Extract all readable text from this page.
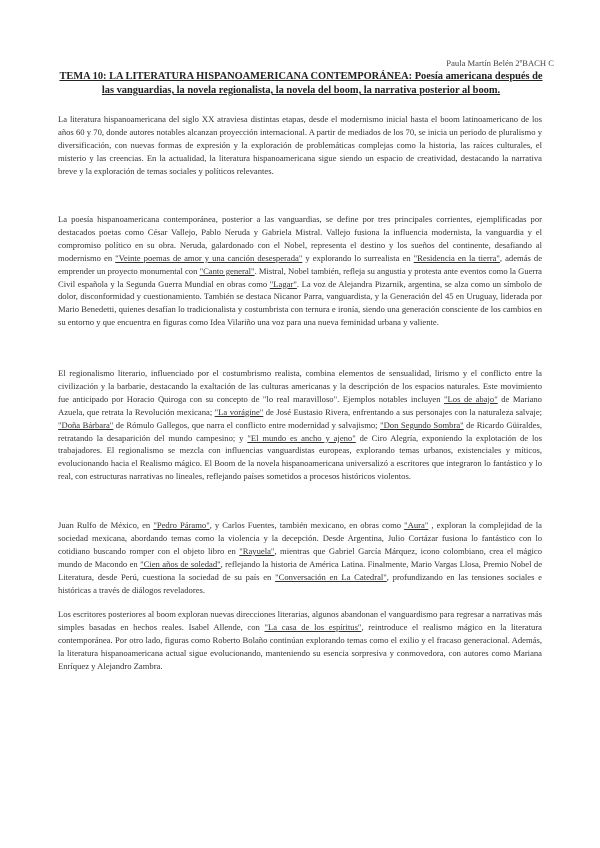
Paula Martín Belén 2ºBACH C
TEMA 10: LA LITERATURA HISPANOAMERICANA CONTEMPORÁNEA: Poesía americana después de las vanguardias, la novela regionalista, la novela del boom, la narrativa posterior al boom.

La literatura hispanoamericana del siglo XX atraviesa distintas etapas, desde el modernismo inicial hasta el boom latinoamericano de los años 60 y 70, donde autores notables alcanzan proyección internacional. A partir de mediados de los 70, se inicia un periodo de pluralismo y diversificación, con nuevas formas de expresión y la exploración de problemáticas complejas como la historia, las raíces culturales, el misterio y las creencias. En la actualidad, la literatura hispanoamericana sigue siendo un espacio de creatividad, destacando la narrativa breve y la exploración de temas sociales y políticos relevantes.

La poesía hispanoamericana contemporánea, posterior a las vanguardias, se define por tres principales corrientes, ejemplificadas por destacados poetas como César Vallejo, Pablo Neruda y Gabriela Mistral. Vallejo fusiona la influencia modernista, la vanguardia y el compromiso político en su obra. Neruda, galardonado con el Nobel, representa el destino y los sueños del continente, desafiando al modernismo en "Veinte poemas de amor y una canción desesperada" y explorando lo surrealista en "Residencia en la tierra", además de emprender un proyecto monumental con "Canto general". Mistral, Nobel también, refleja su angustia y protesta ante eventos como la Guerra Civil española y la Segunda Guerra Mundial en obras como "Lagar". La voz de Alejandra Pizarnik, argentina, se alza como un símbolo de dolor, disconformidad y cuestionamiento. También se destaca Nicanor Parra, vanguardista, y la Generación del 45 en Uruguay, liderada por Mario Benedetti, quienes desafían lo tradicionalista y costumbrista con ternura e ironía, siendo una generación consciente de los cambios en su entorno y que encuentra en figuras como Idea Vilariño una voz para una nueva feminidad urbana y valiente.

El regionalismo literario, influenciado por el costumbrismo realista, combina elementos de sensualidad, lirismo y el conflicto entre la civilización y la barbarie, destacando la exaltación de las culturas americanas y la descripción de los espacios naturales. Este movimiento fue anticipado por Horacio Quiroga con su concepto de "lo real maravilloso". Ejemplos notables incluyen "Los de abajo" de Mariano Azuela, que retrata la Revolución mexicana; "La vorágine" de José Eustasio Rivera, enfrentando a sus personajes con la naturaleza salvaje; "Doña Bárbara" de Rómulo Gallegos, que narra el conflicto entre modernidad y salvajismo; "Don Segundo Sombra" de Ricardo Güiraldes, retratando la desaparición del mundo campesino; y "El mundo es ancho y ajeno" de Ciro Alegría, exponiendo la explotación de los trabajadores. El regionalismo se mezcla con influencias vanguardistas europeas, explorando temas urbanos, existenciales y míticos, evolucionando hacia el Realismo mágico. El Boom de la novela hispanoamericana universalizó a escritores que integraron lo fantástico y lo real, con estructuras narrativas no lineales, reflejando países sometidos a procesos históricos violentos.

Juan Rulfo de México, en "Pedro Páramo", y Carlos Fuentes, también mexicano, en obras como "Aura" , exploran la complejidad de la sociedad mexicana, abordando temas como la violencia y la decepción. Desde Argentina, Julio Cortázar fusiona lo fantástico con lo cotidiano buscando romper con el objeto libro en "Rayuela", mientras que Gabriel García Márquez, icono colombiano, crea el mágico mundo de Macondo en "Cien años de soledad", reflejando la historia de América Latina. Finalmente, Mario Vargas Llosa, Premio Nobel de Literatura, desde Perú, cuestiona la sociedad de su país en "Conversación en La Catedral", profundizando en las tensiones sociales e históricas a través de diálogos reveladores.

Los escritores posteriores al boom exploran nuevas direcciones literarias, algunos abandonan el vanguardismo para regresar a narrativas más simples basadas en hechos reales. Isabel Allende, con "La casa de los espíritus", reintroduce el realismo mágico en la literatura contemporánea. Por otro lado, figuras como Roberto Bolaño continúan explorando temas como el exilio y el fracaso generacional. Además, la literatura hispanoamericana actual sigue evolucionando, manteniendo su esencia sorpresiva y conmovedora, con autores como Mariana Enríquez y Alejandro Zambra.
